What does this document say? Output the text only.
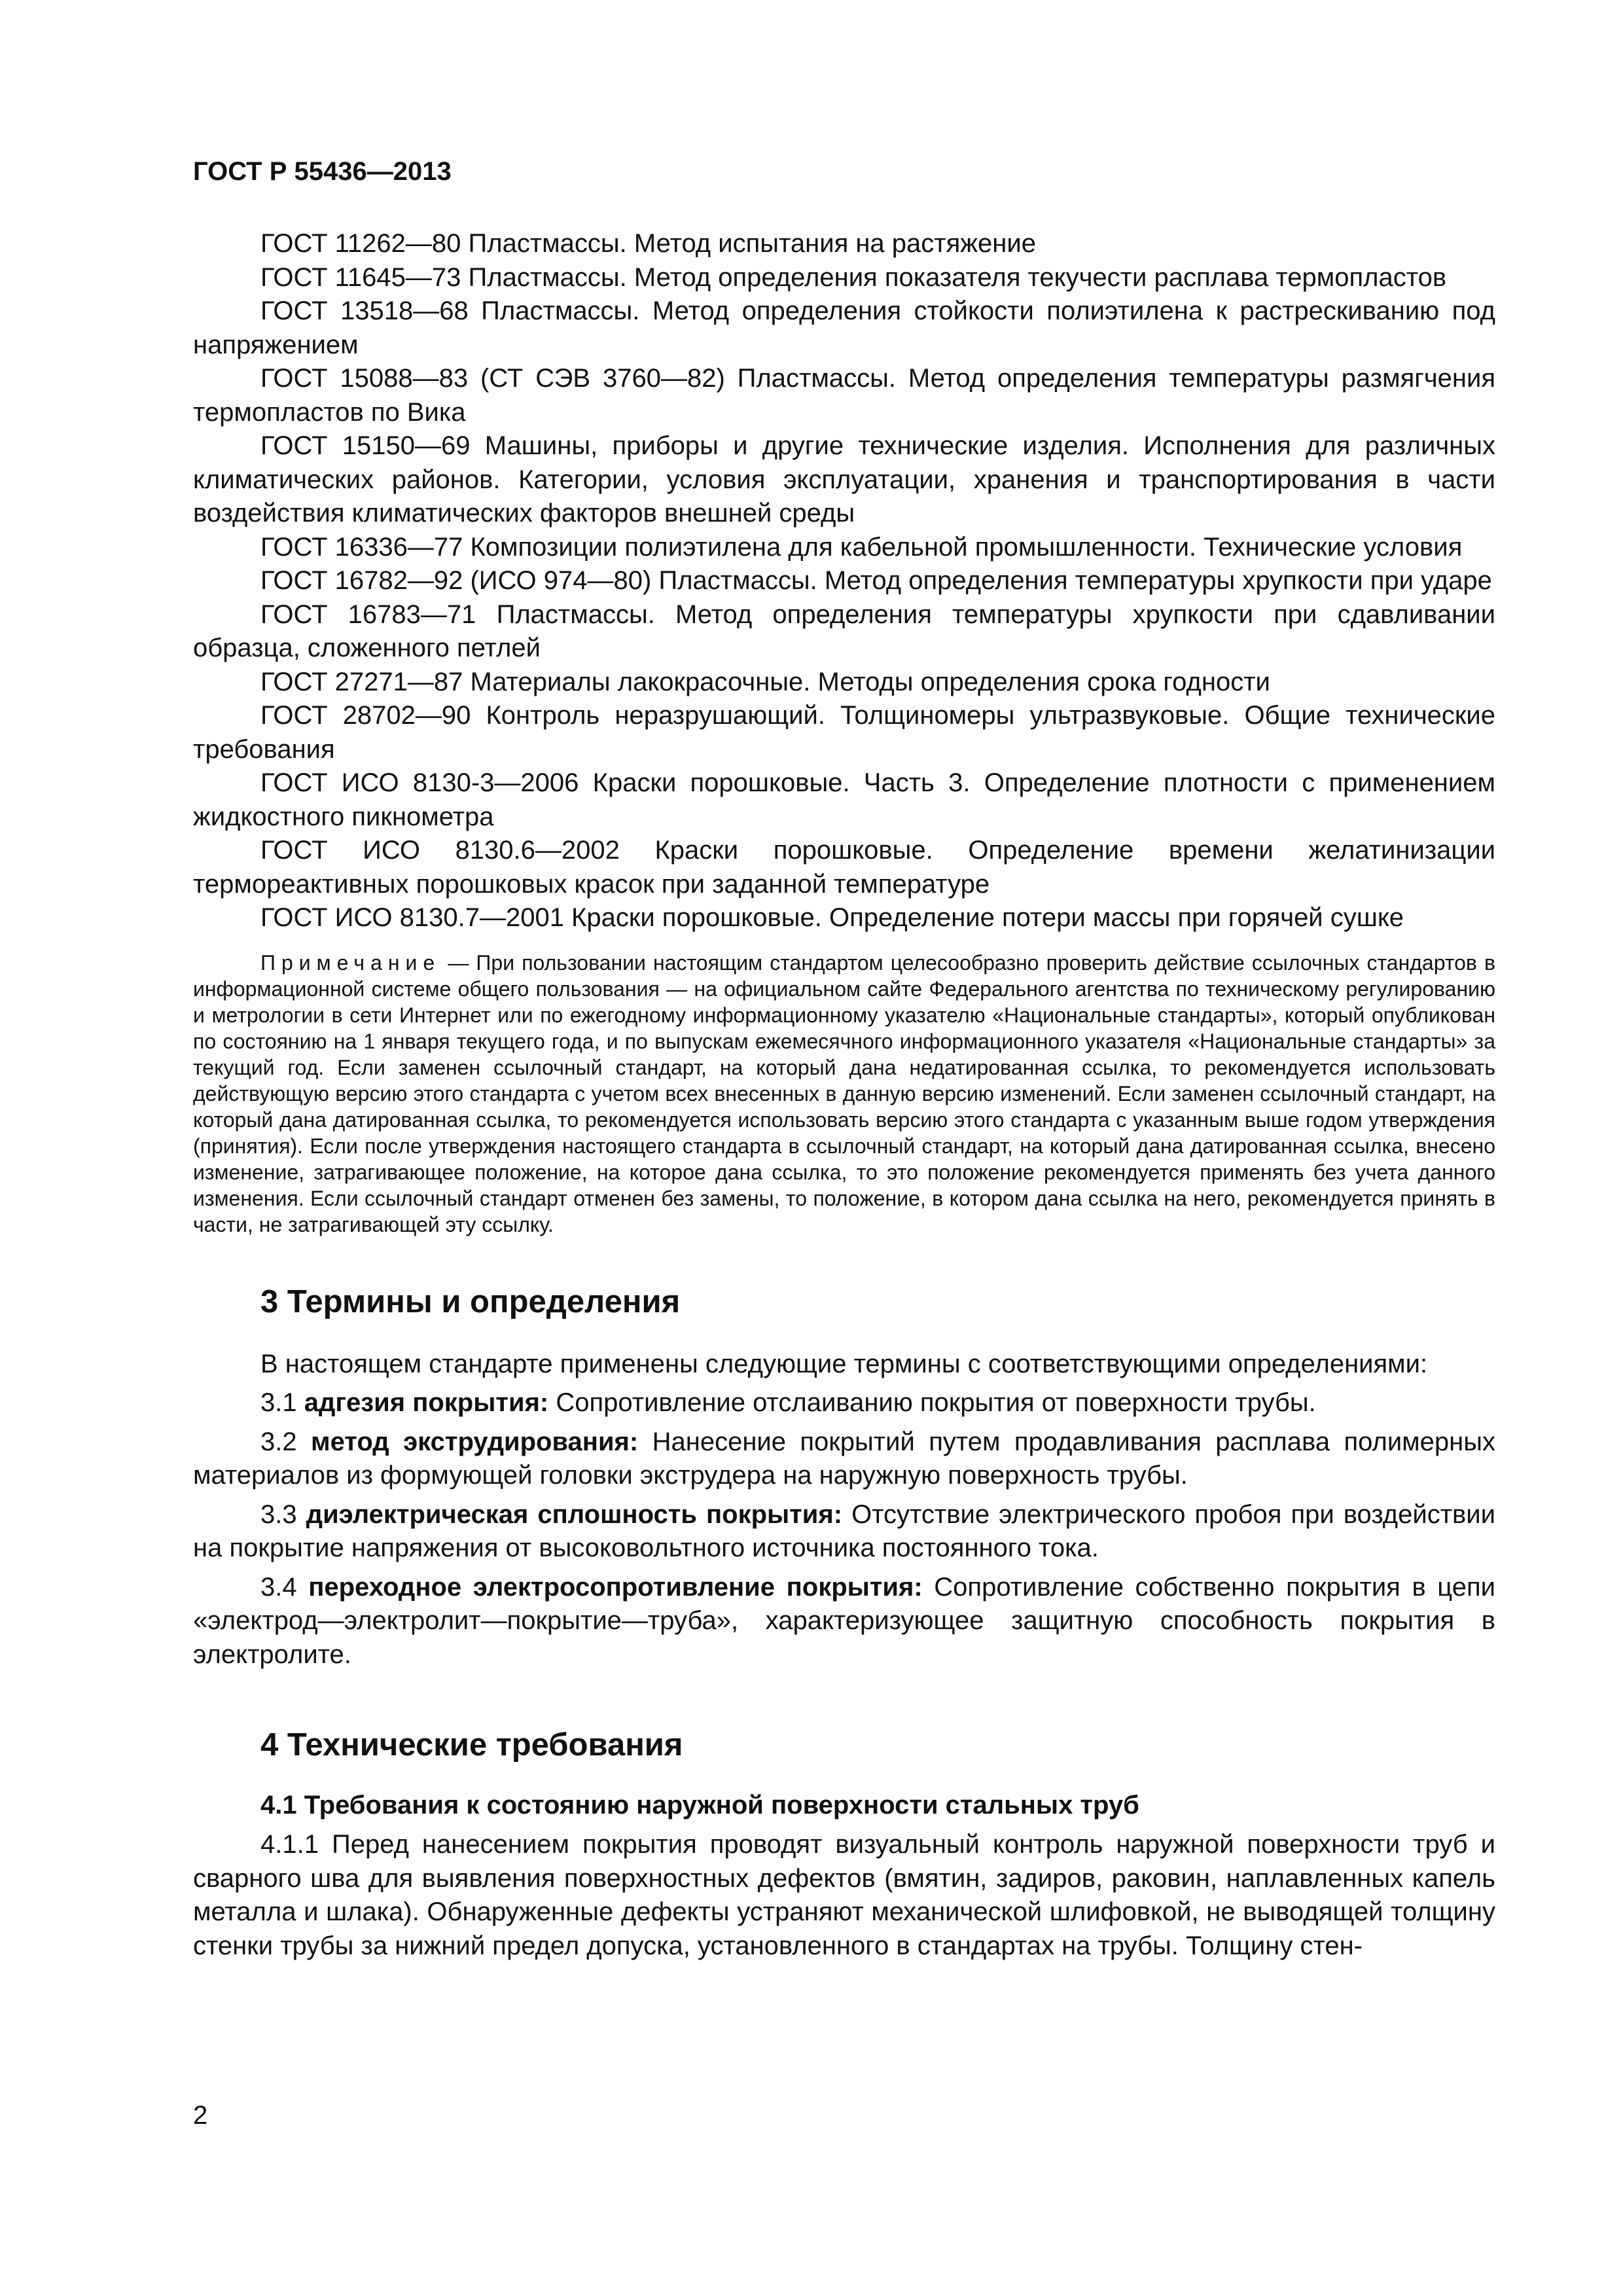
ГОСТ Р 55436—2013

ГОСТ 11262—80 Пластмассы. Метод испытания на растяжение

ГОСТ 11645—73 Пластмассы. Метод определения показателя текучести расплава термопластов

ГОСТ 13518—68 Пластмассы. Метод определения стойкости полиэтилена к растрескиванию под напряжением

ГОСТ 15088—83 (СТ СЭВ 3760—82) Пластмассы. Метод определения температуры размягчения термопластов по Вика

ГОСТ 15150—69 Машины, приборы и другие технические изделия. Исполнения для различных климатических районов. Категории, условия эксплуатации, хранения и транспортирования в части воздействия климатических факторов внешней среды

ГОСТ 16336—77 Композиции полиэтилена для кабельной промышленности. Технические условия

ГОСТ 16782—92 (ИСО 974—80) Пластмассы. Метод определения температуры хрупкости при ударе

ГОСТ 16783—71 Пластмассы. Метод определения температуры хрупкости при сдавливании образца, сложенного петлей

ГОСТ 27271—87 Материалы лакокрасочные. Методы определения срока годности

ГОСТ 28702—90 Контроль неразрушающий. Толщиномеры ультразвуковые. Общие технические требования

ГОСТ ИСО 8130-3—2006 Краски порошковые. Часть 3. Определение плотности с применением жидкостного пикнометра

ГОСТ ИСО 8130.6—2002 Краски порошковые. Определение времени желатинизации термореактивных порошковых красок при заданной температуре

ГОСТ ИСО 8130.7—2001 Краски порошковые. Определение потери массы при горячей сушке

Примечание — При пользовании настоящим стандартом целесообразно проверить действие ссылочных стандартов в информационной системе общего пользования — на официальном сайте Федерального агентства по техническому регулированию и метрологии в сети Интернет или по ежегодному информационному указателю «Национальные стандарты», который опубликован по состоянию на 1 января текущего года, и по выпускам ежемесячного информационного указателя «Национальные стандарты» за текущий год. Если заменен ссылочный стандарт, на который дана недатированная ссылка, то рекомендуется использовать действующую версию этого стандарта с учетом всех внесенных в данную версию изменений. Если заменен ссылочный стандарт, на который дана датированная ссылка, то рекомендуется использовать версию этого стандарта с указанным выше годом утверждения (принятия). Если после утверждения настоящего стандарта в ссылочный стандарт, на который дана датированная ссылка, внесено изменение, затрагивающее положение, на которое дана ссылка, то это положение рекомендуется применять без учета данного изменения. Если ссылочный стандарт отменен без замены, то положение, в котором дана ссылка на него, рекомендуется принять в части, не затрагивающей эту ссылку.

3 Термины и определения

В настоящем стандарте применены следующие термины с соответствующими определениями:

3.1 адгезия покрытия: Сопротивление отслаиванию покрытия от поверхности трубы.

3.2 метод экструдирования: Нанесение покрытий путем продавливания расплава полимерных материалов из формующей головки экструдера на наружную поверхность трубы.

3.3 диэлектрическая сплошность покрытия: Отсутствие электрического пробоя при воздействии на покрытие напряжения от высоковольтного источника постоянного тока.

3.4 переходное электросопротивление покрытия: Сопротивление собственно покрытия в цепи «электрод—электролит—покрытие—труба», характеризующее защитную способность покрытия в электролите.

4 Технические требования
4.1 Требования к состоянию наружной поверхности стальных труб

4.1.1 Перед нанесением покрытия проводят визуальный контроль наружной поверхности труб и сварного шва для выявления поверхностных дефектов (вмятин, задиров, раковин, наплавленных капель металла и шлака). Обнаруженные дефекты устраняют механической шлифовкой, не выводящей толщину стенки трубы за нижний предел допуска, установленного в стандартах на трубы. Толщину стен-

2
